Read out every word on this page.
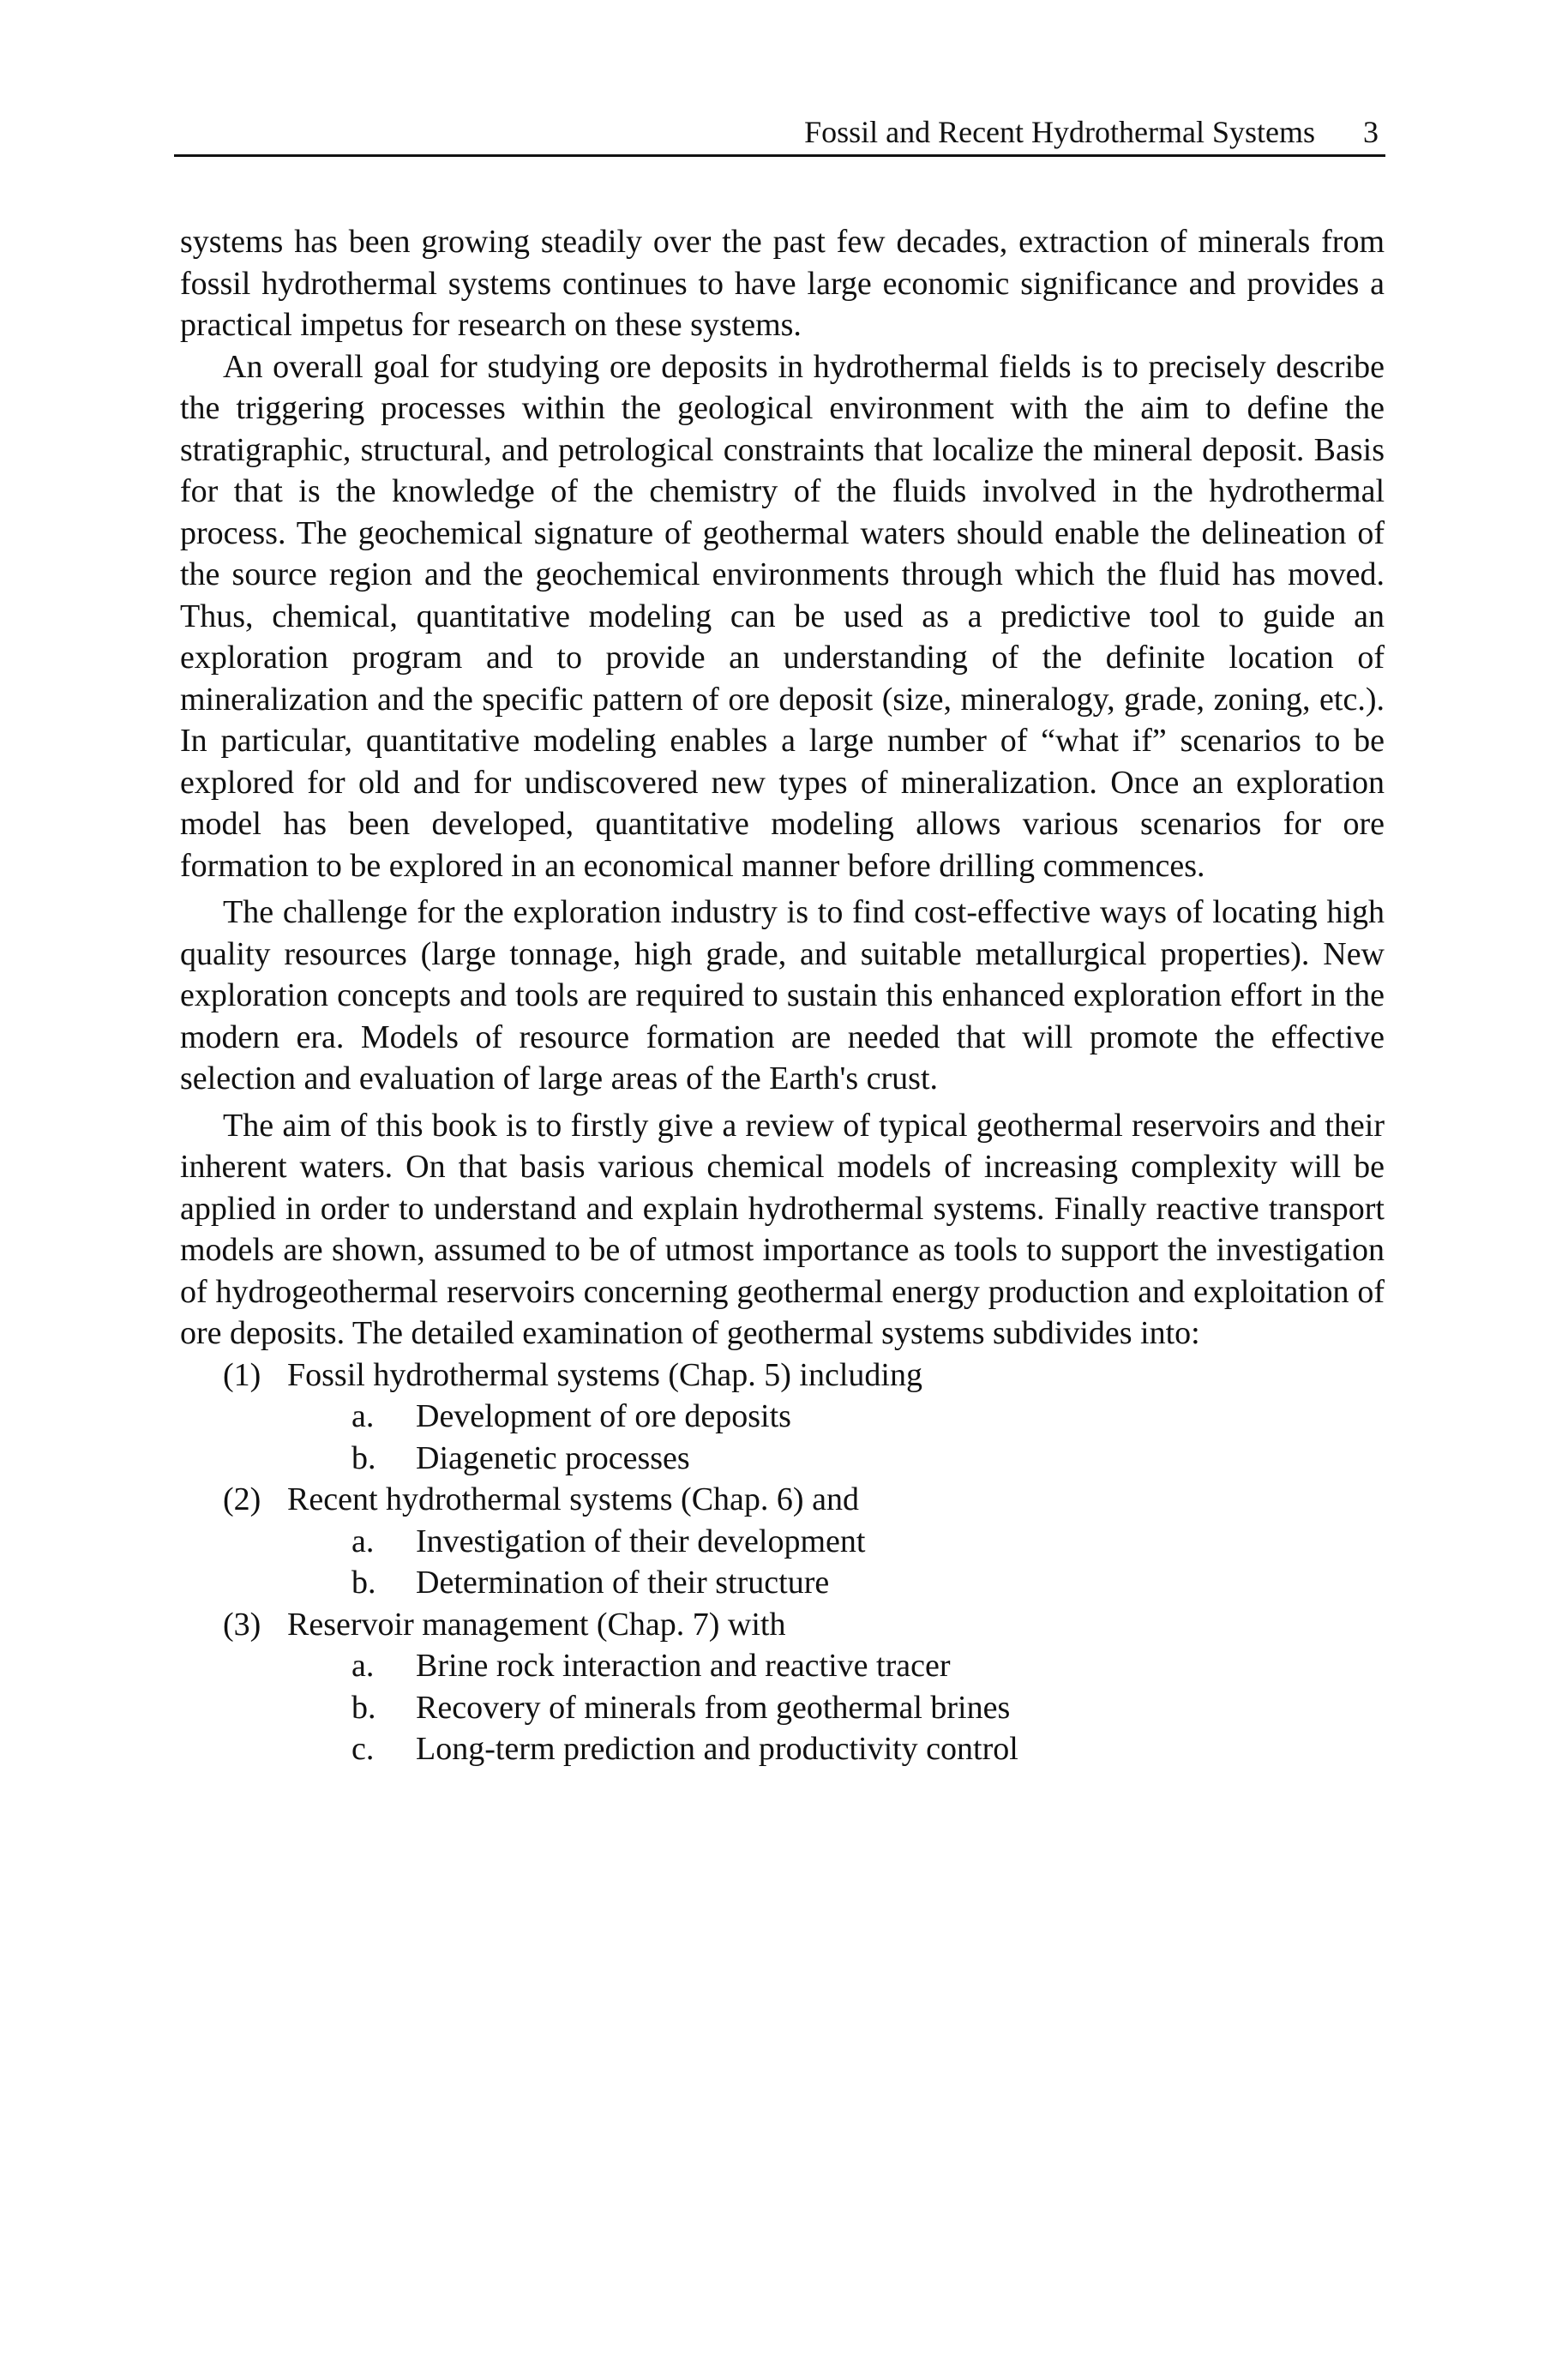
Fossil and Recent Hydrothermal Systems 3

systems has been growing steadily over the past few decades, extraction of minerals from fossil hydrothermal systems continues to have large economic significance and provides a practical impetus for research on these systems.

An overall goal for studying ore deposits in hydrothermal fields is to precisely describe the triggering processes within the geological environment with the aim to define the stratigraphic, structural, and petrological constraints that localize the mineral deposit. Basis for that is the knowledge of the chemistry of the fluids involved in the hydrothermal process. The geochemical signature of geothermal waters should enable the delineation of the source region and the geochemical environments through which the fluid has moved. Thus, chemical, quantitative modeling can be used as a predictive tool to guide an exploration program and to provide an understanding of the definite location of mineralization and the specific pattern of ore deposit (size, mineralogy, grade, zoning, etc.). In particular, quantitative modeling enables a large number of “what if” scenarios to be explored for old and for undiscovered new types of mineralization. Once an exploration model has been developed, quantitative modeling allows various scenarios for ore formation to be explored in an economical manner before drilling commences.

The challenge for the exploration industry is to find cost-effective ways of locating high quality resources (large tonnage, high grade, and suitable metallurgical properties). New exploration concepts and tools are required to sustain this enhanced exploration effort in the modern era. Models of resource formation are needed that will promote the effective selection and evaluation of large areas of the Earth's crust.

The aim of this book is to firstly give a review of typical geothermal reservoirs and their inherent waters. On that basis various chemical models of increasing complexity will be applied in order to understand and explain hydrothermal systems. Finally reactive transport models are shown, assumed to be of utmost importance as tools to support the investigation of hydrogeothermal reservoirs concerning geothermal energy production and exploitation of ore deposits. The detailed examination of geothermal systems subdivides into:

(1) Fossil hydrothermal systems (Chap. 5) including
a. Development of ore deposits
b. Diagenetic processes
(2) Recent hydrothermal systems (Chap. 6) and
a. Investigation of their development
b. Determination of their structure
(3) Reservoir management (Chap. 7) with
a. Brine rock interaction and reactive tracer
b. Recovery of minerals from geothermal brines
c. Long-term prediction and productivity control
